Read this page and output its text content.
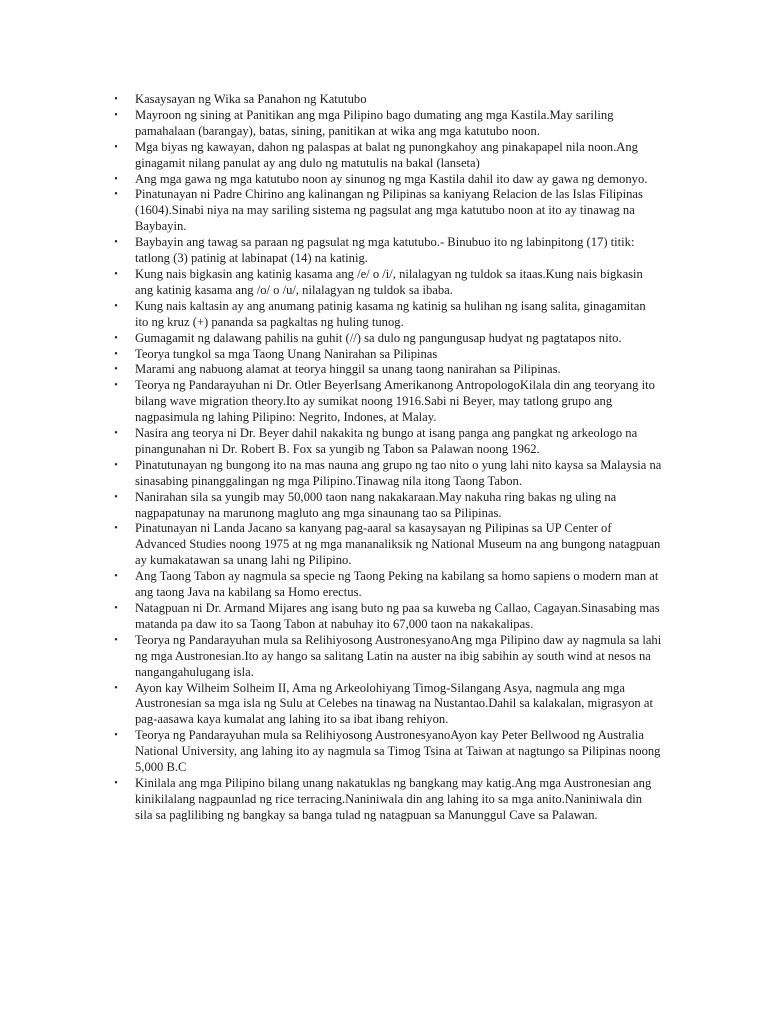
•	Kasaysayan ng Wika sa Panahon ng Katutubo
•	Mayroon ng sining at Panitikan ang mga Pilipino bago dumating ang mga Kastila.May sariling pamahalaan (barangay), batas, sining, panitikan at wika ang mga katutubo noon.
•	Mga biyas ng kawayan, dahon ng palaspas at balat ng punongkahoy ang pinakapapel nila noon.Ang ginagamit nilang panulat ay ang dulo ng matutulis na bakal (lanseta)
•	Ang mga gawa ng mga katutubo noon ay sinunog ng mga Kastila dahil ito daw ay gawa ng demonyo.
•	Pinatunayan ni Padre Chirino ang kalinangan ng Pilipinas sa kaniyang Relacion de las Islas Filipinas (1604).Sinabi niya na may sariling sistema ng pagsulat ang mga katutubo noon at ito ay tinawag na Baybayin.
•	Baybayin ang tawag sa paraan ng pagsulat ng mga katutubo.- Binubuo ito ng labinpitong (17) titik: tatlong (3) patinig at labinapat (14) na katinig.
•	Kung nais bigkasin ang katinig kasama ang /e/ o /i/, nilalagyan ng tuldok sa itaas.Kung nais bigkasin ang katinig kasama ang /o/ o /u/, nilalagyan ng tuldok sa ibaba.
•	Kung nais kaltasin ay ang anumang patinig kasama ng katinig sa hulihan ng isang salita, ginagamitan ito ng kruz (+) pananda sa pagkaltas ng huling tunog.
•	Gumagamit ng dalawang pahilis na guhit (//) sa dulo ng pangungusap hudyat ng pagtatapos nito.
•	Teorya tungkol sa mga Taong Unang Nanirahan sa Pilipinas
•	Marami ang nabuong alamat at teorya hinggil sa unang taong nanirahan sa Pilipinas.
•	Teorya ng Pandarayuhan ni Dr. Otler BeyerIsang Amerikanong AntropologoKilala din ang teoryang ito bilang wave migration theory.Ito ay sumikat noong 1916.Sabi ni Beyer, may tatlong grupo ang nagpasimula ng lahing Pilipino: Negrito, Indones, at Malay.
•	Nasira ang teorya ni Dr. Beyer dahil nakakita ng bungo at isang panga ang pangkat ng arkeologo na pinangunahan ni Dr. Robert B. Fox sa yungib ng Tabon sa Palawan noong 1962.
•	Pinatutunayan ng bungong ito na mas nauna ang grupo ng tao nito o yung lahi nito kaysa sa Malaysia na sinasabing pinanggalingan ng mga Pilipino.Tinawag nila itong Taong Tabon.
•	Nanirahan sila sa yungib may 50,000 taon nang nakakaraan.May nakuha ring bakas ng uling na nagpapatunay na marunong magluto ang mga sinaunang tao sa Pilipinas.
•	Pinatunayan ni Landa Jacano sa kanyang pag-aaral sa kasaysayan ng Pilipinas sa UP Center of Advanced Studies noong 1975 at ng mga mananaliksik ng National Museum na ang bungong natagpuan ay kumakatawan sa unang lahi ng Pilipino.
•	Ang Taong Tabon ay nagmula sa specie ng Taong Peking na kabilang sa homo sapiens o modern man at ang taong Java na kabilang sa Homo erectus.
•	Natagpuan ni Dr. Armand Mijares ang isang buto ng paa sa kuweba ng Callao, Cagayan.Sinasabing mas matanda pa daw ito sa Taong Tabon at nabuhay ito 67,000 taon na nakakalipas.
•	Teorya ng Pandarayuhan mula sa Relihiyosong AustronesyanoAng mga Pilipino daw ay nagmula sa lahi ng mga Austronesian.Ito ay hango sa salitang Latin na auster na ibig sabihin ay south wind at nesos na nangangahulugang isla.
•	Ayon kay Wilheim Solheim II, Ama ng Arkeolohiyang Timog-Silangang Asya, nagmula ang mga Austronesian sa mga isla ng Sulu at Celebes na tinawag na Nustantao.Dahil sa kalakalan, migrasyon at pag-aasawa kaya kumalat ang lahing ito sa ibat ibang rehiyon.
•	Teorya ng Pandarayuhan mula sa Relihiyosong AustronesyanoAyon kay Peter Bellwood ng Australia National University, ang lahing ito ay nagmula sa Timog Tsina at Taiwan at nagtungo sa Pilipinas noong 5,000 B.C
•	Kinilala ang mga Pilipino bilang unang nakatuklas ng bangkang may katig.Ang mga Austronesian ang kinikilalang nagpaunlad ng rice terracing.Naniniwala din ang lahing ito sa mga anito.Naniniwala din sila sa paglilibing ng bangkay sa banga tulad ng natagpuan sa Manunggul Cave sa Palawan.
